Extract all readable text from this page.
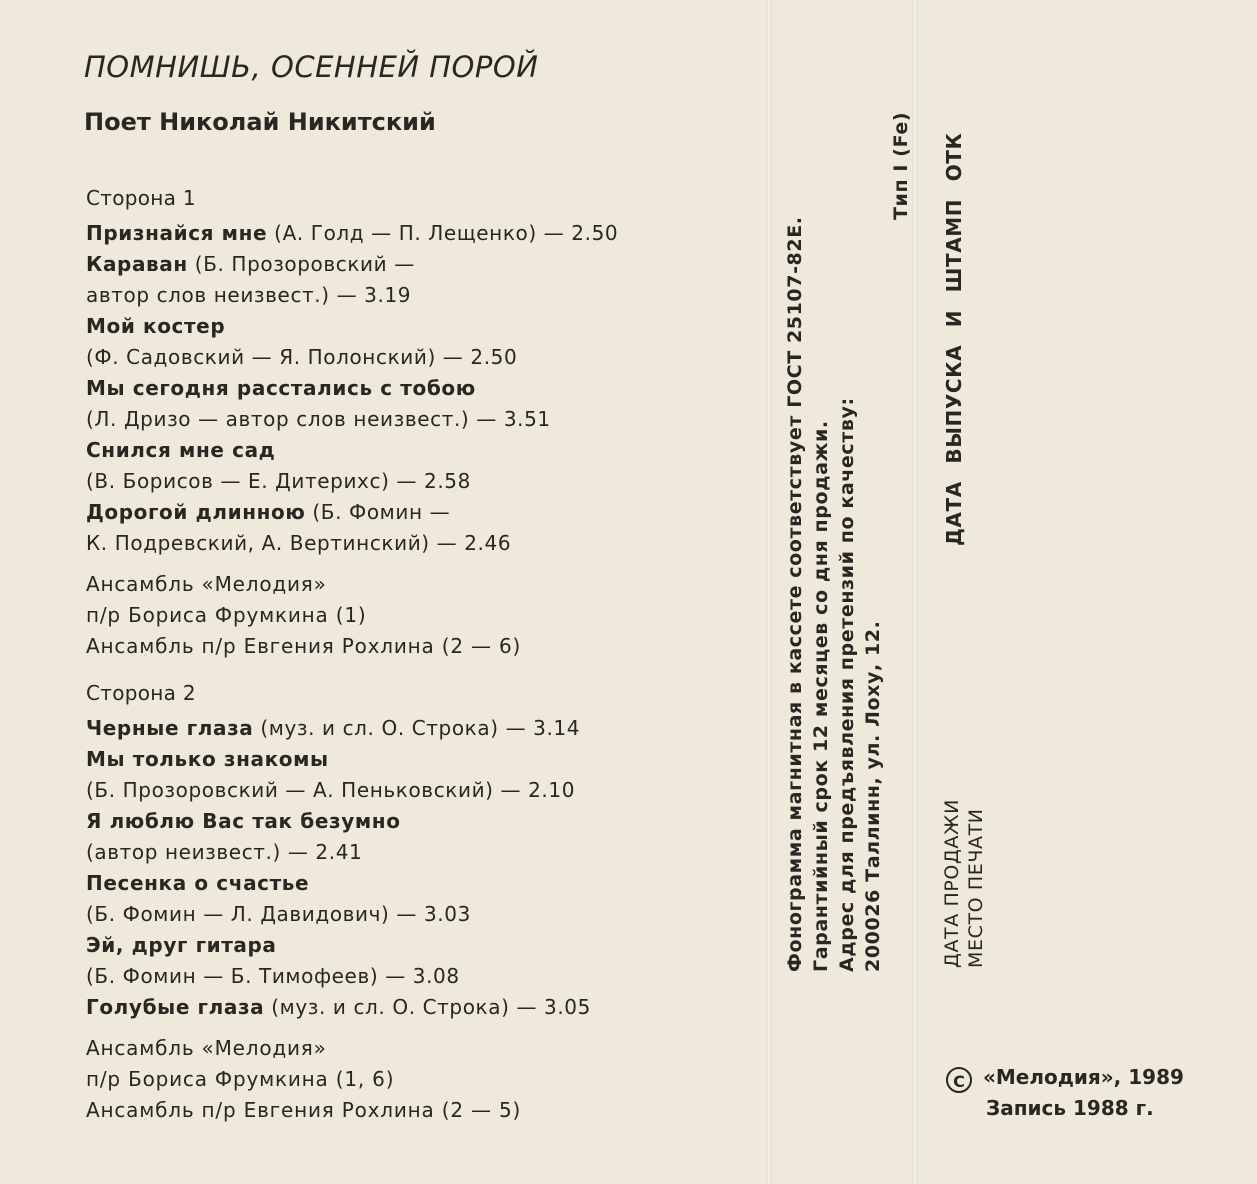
ПОМНИШЬ, ОСЕННЕЙ ПОРОЙ
Поет Николай Никитский
Сторона 1
Признайся мне (А. Голд — П. Лещенко) — 2.50
Караван (Б. Прозоровский —
автор слов неизвест.) — 3.19
Мой костер
(Ф. Садовский — Я. Полонский) — 2.50
Мы сегодня расстались с тобою
(Л. Дризо — автор слов неизвест.) — 3.51
Снился мне сад
(В. Борисов — Е. Дитерихс) — 2.58
Дорогой длинною (Б. Фомин —
К. Подревский, А. Вертинский) — 2.46
Ансамбль «Мелодия»
п/р Бориса Фрумкина (1)
Ансамбль п/р Евгения Рохлина (2 — 6)
Сторона 2
Черные глаза (муз. и сл. О. Строка) — 3.14
Мы только знакомы
(Б. Прозоровский — А. Пеньковский) — 2.10
Я люблю Вас так безумно
(автор неизвест.) — 2.41
Песенка о счастье
(Б. Фомин — Л. Давидович) — 3.03
Эй, друг гитара
(Б. Фомин — Б. Тимофеев) — 3.08
Голубые глаза (муз. и сл. О. Строка) — 3.05
Ансамбль «Мелодия»
п/р Бориса Фрумкина (1, 6)
Ансамбль п/р Евгения Рохлина (2 — 5)
Фонограмма магнитная в кассете соответствует ГОСТ 25107-82Е. Гарантийный срок 12 месяцев со дня продажи. Адрес для предъявления претензий по качеству: 200026 Таллинн, ул. Лоху, 12.
Тип I (Fe) ДАТА ВЫПУСКА И ШТАМП ОТК
ДАТА ПРОДАЖИ МЕСТО ПЕЧАТИ
C «Мелодия», 1989
Запись 1988 г.
